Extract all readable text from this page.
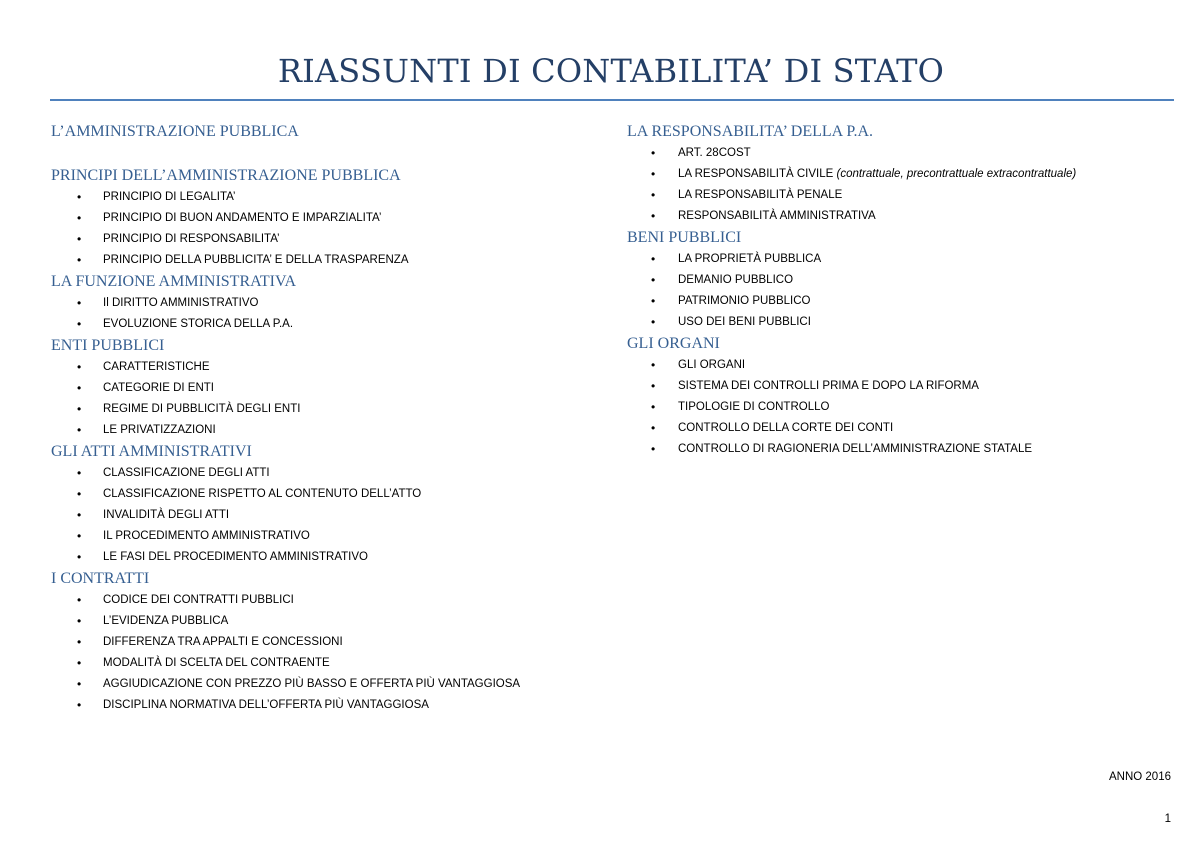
RIASSUNTI DI CONTABILITA’ DI STATO
L’AMMINISTRAZIONE PUBBLICA
PRINCIPI DELL’AMMINISTRAZIONE PUBBLICA
• PRINCIPIO DI LEGALITA’
• PRINCIPIO DI BUON ANDAMENTO E IMPARZIALITA’
• PRINCIPIO DI RESPONSABILITA’
• PRINCIPIO DELLA PUBBLICITA’ E DELLA TRASPARENZA
LA FUNZIONE AMMINISTRATIVA
• Il DIRITTO AMMINISTRATIVO
• EVOLUZIONE STORICA DELLA P.A.
ENTI PUBBLICI
• CARATTERISTICHE
• CATEGORIE DI ENTI
• REGIME DI PUBBLICITÀ DEGLI ENTI
• LE PRIVATIZZAZIONI
GLI ATTI AMMINISTRATIVI
• CLASSIFICAZIONE DEGLI ATTI
• CLASSIFICAZIONE RISPETTO AL CONTENUTO DELL’ATTO
• INVALIDITÀ DEGLI ATTI
• IL PROCEDIMENTO AMMINISTRATIVO
• LE FASI DEL PROCEDIMENTO AMMINISTRATIVO
I CONTRATTI
• CODICE DEI CONTRATTI PUBBLICI
• L’EVIDENZA PUBBLICA
• DIFFERENZA TRA APPALTI E CONCESSIONI
• MODALITÀ DI SCELTA DEL CONTRAENTE
• AGGIUDICAZIONE CON PREZZO PIÙ BASSO E OFFERTA PIÙ VANTAGGIOSA
• DISCIPLINA NORMATIVA DELL’OFFERTA PIÙ VANTAGGIOSA
LA RESPONSABILITA’ DELLA P.A.
• ART. 28COST
• LA RESPONSABILITÀ CIVILE (contrattuale, precontrattuale extracontrattuale)
• LA RESPONSABILITÀ PENALE
• RESPONSABILITÀ AMMINISTRATIVA
BENI PUBBLICI
• LA PROPRIETÀ PUBBLICA
• DEMANIO PUBBLICO
• PATRIMONIO PUBBLICO
• USO DEI BENI PUBBLICI
GLI ORGANI
• GLI ORGANI
• SISTEMA DEI CONTROLLI PRIMA E DOPO LA RIFORMA
• TIPOLOGIE DI CONTROLLO
• CONTROLLO DELLA CORTE DEI CONTI
• CONTROLLO DI RAGIONERIA DELL’AMMINISTRAZIONE STATALE
ANNO 2016
1
